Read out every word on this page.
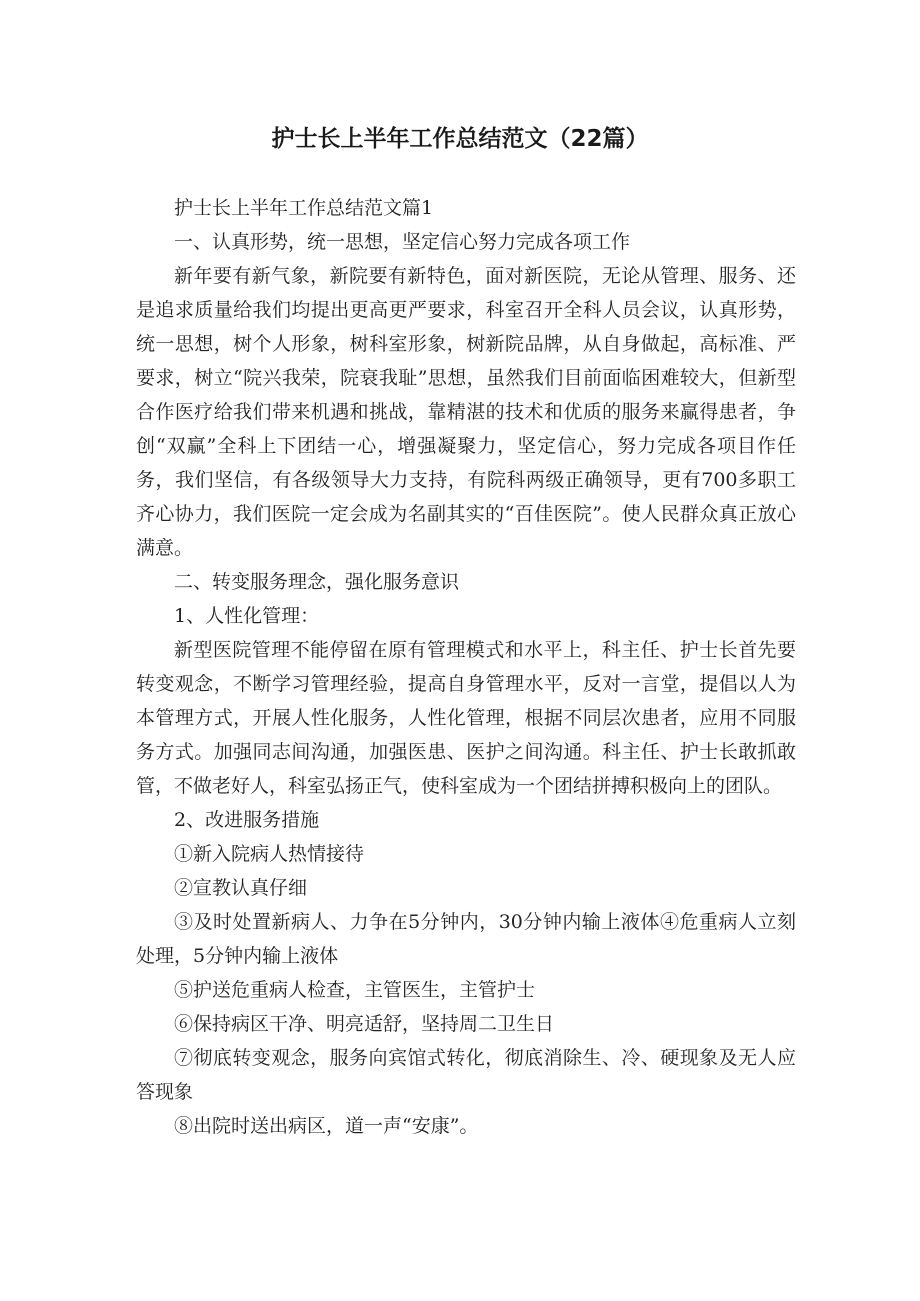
护士长上半年工作总结范文（22篇）

护士长上半年工作总结范文篇1

一、认真形势，统一思想，坚定信心努力完成各项工作

新年要有新气象，新院要有新特色，面对新医院，无论从管理、服务、还是追求质量给我们均提出更高更严要求，科室召开全科人员会议，认真形势，统一思想，树个人形象，树科室形象，树新院品牌，从自身做起，高标准、严要求，树立“院兴我荣，院衰我耻”思想，虽然我们目前面临困难较大，但新型合作医疗给我们带来机遇和挑战，靠精湛的技术和优质的服务来赢得患者，争创“双赢”全科上下团结一心，增强凝聚力，坚定信心，努力完成各项目作任务，我们坚信，有各级领导大力支持，有院科两级正确领导，更有700多职工齐心协力，我们医院一定会成为名副其实的“百佳医院”。使人民群众真正放心满意。

二、转变服务理念，强化服务意识

1、人性化管理：

新型医院管理不能停留在原有管理模式和水平上，科主任、护士长首先要转变观念，不断学习管理经验，提高自身管理水平，反对一言堂，提倡以人为本管理方式，开展人性化服务，人性化管理，根据不同层次患者，应用不同服务方式。加强同志间沟通，加强医患、医护之间沟通。科主任、护士长敢抓敢管，不做老好人，科室弘扬正气，使科室成为一个团结拼搏积极向上的团队。

2、改进服务措施

①新入院病人热情接待

②宣教认真仔细

③及时处置新病人、力争在5分钟内，30分钟内输上液体④危重病人立刻处理，5分钟内输上液体

⑤护送危重病人检查，主管医生，主管护士

⑥保持病区干净、明亮适舒，坚持周二卫生日

⑦彻底转变观念，服务向宾馆式转化，彻底消除生、冷、硬现象及无人应答现象

⑧出院时送出病区，道一声“安康”。
